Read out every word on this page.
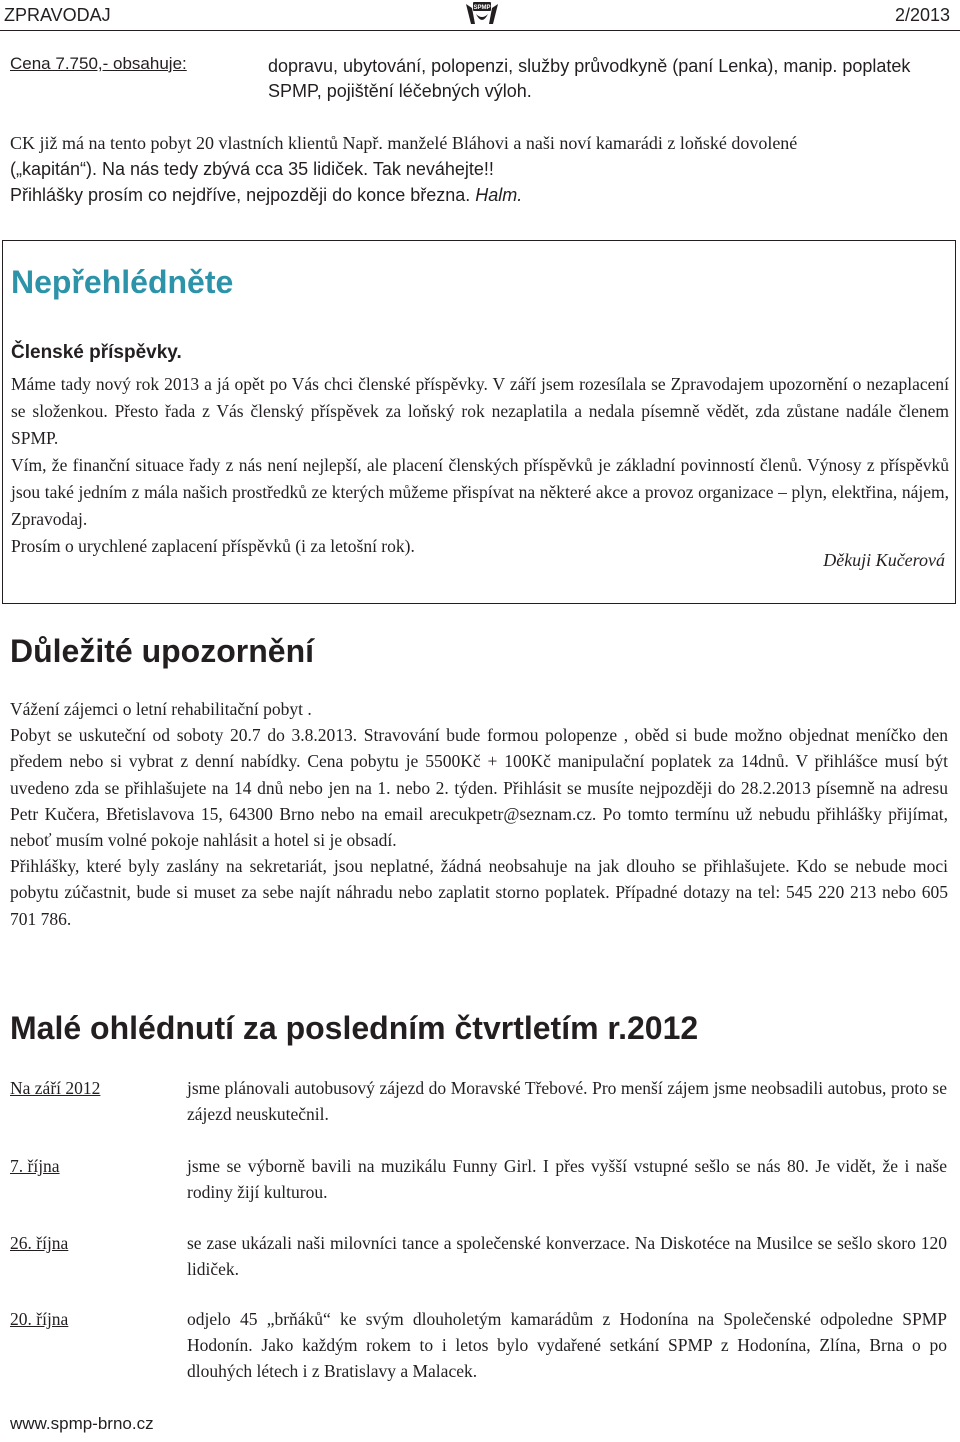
ZPRAVODAJ	SPMP	2/2013
Cena 7.750,- obsahuje:	dopravu, ubytování, polopenzi, služby průvodkyně (paní Lenka), manip. poplatek SPMP, pojištění léčebných výloh.
CK již má na tento pobyt 20 vlastních klientů Např. manželé Bláhovi a naši noví kamarádi z loňské dovolené
(„kapitán“). Na nás tedy zbývá cca 35 lidiček. Tak neváhejte!!
Přihlášky prosím co nejdříve, nejpozději do konce března. Halm.
Nepřehlédněte
Členské příspěvky.

Máme tady nový rok 2013 a já opět po Vás chci členské příspěvky. V září jsem rozesílala se Zpravodajem upozornění o nezaplacení se složenkou. Přesto řada z Vás členský příspěvek za loňský rok nezaplatila a nedala písemně vědět, zda zůstane nadále členem SPMP.

Vím, že finanční situace řady z nás není nejlepší, ale placení členských příspěvků je základní povinností členů. Výnosy z příspěvků jsou také jedním z mála našich prostředků ze kterých můžeme přispívat na některé akce a provoz organizace – plyn, elektřina, nájem, Zpravodaj.

Prosím o urychlené zaplacení příspěvků (i za letošní rok).

Děkuji Kučerová
Důležité upozornění

Vážení zájemci o letní rehabilitační pobyt .

Pobyt se uskuteční od soboty 20.7 do 3.8.2013. Stravování bude formou polopenze , oběd si bude možno objednat meníčko den předem nebo si vybrat z denní nabídky. Cena pobytu je 5500Kč + 100Kč manipulační poplatek za 14dnů. V přihlášce musí být uvedeno zda se přihlašujete na 14 dnů nebo jen na 1. nebo 2. týden. Přihlásit se musíte nejpozději do 28.2.2013 písemně na adresu Petr Kučera, Břetislavova 15, 64300 Brno nebo na email arecukpetr@seznam.cz. Po tomto termínu už nebudu přihlášky přijímat, neboť musím volné pokoje nahlásit a hotel si je obsadí.

Přihlášky, které byly zaslány na sekretariát, jsou neplatné, žádná neobsahuje na jak dlouho se přihlašujete. Kdo se nebude moci pobytu zúčastnit, bude si muset za sebe najít náhradu nebo zaplatit storno poplatek. Případné dotazy na tel: 545 220 213 nebo 605 701 786.

Malé ohlédnutí za posledním čtvrtletím r.2012
Na září 2012	jsme plánovali autobusový zájezd do Moravské Třebové. Pro menší zájem jsme neobsadili autobus, proto se zájezd neuskutečnil.
7. října	jsme se výborně bavili na muzikálu Funny Girl. I přes vyšší vstupné sešlo se nás 80. Je vidět, že i naše rodiny žijí kulturou.
26. října	se zase ukázali naši milovníci tance a společenské konverzace. Na Diskotéce na Musilce se sešlo skoro 120 lidiček.
20. října	odjelo 45 „brňáků“ ke svým dlouholetým kamarádům z Hodonína na Společenské odpoledne SPMP Hodonín. Jako každým rokem to i letos bylo vydařené setkání SPMP z Hodonína, Zlína, Brna o po dlouhých létech i z Bratislavy a Malacek.
www.spmp-brno.cz
